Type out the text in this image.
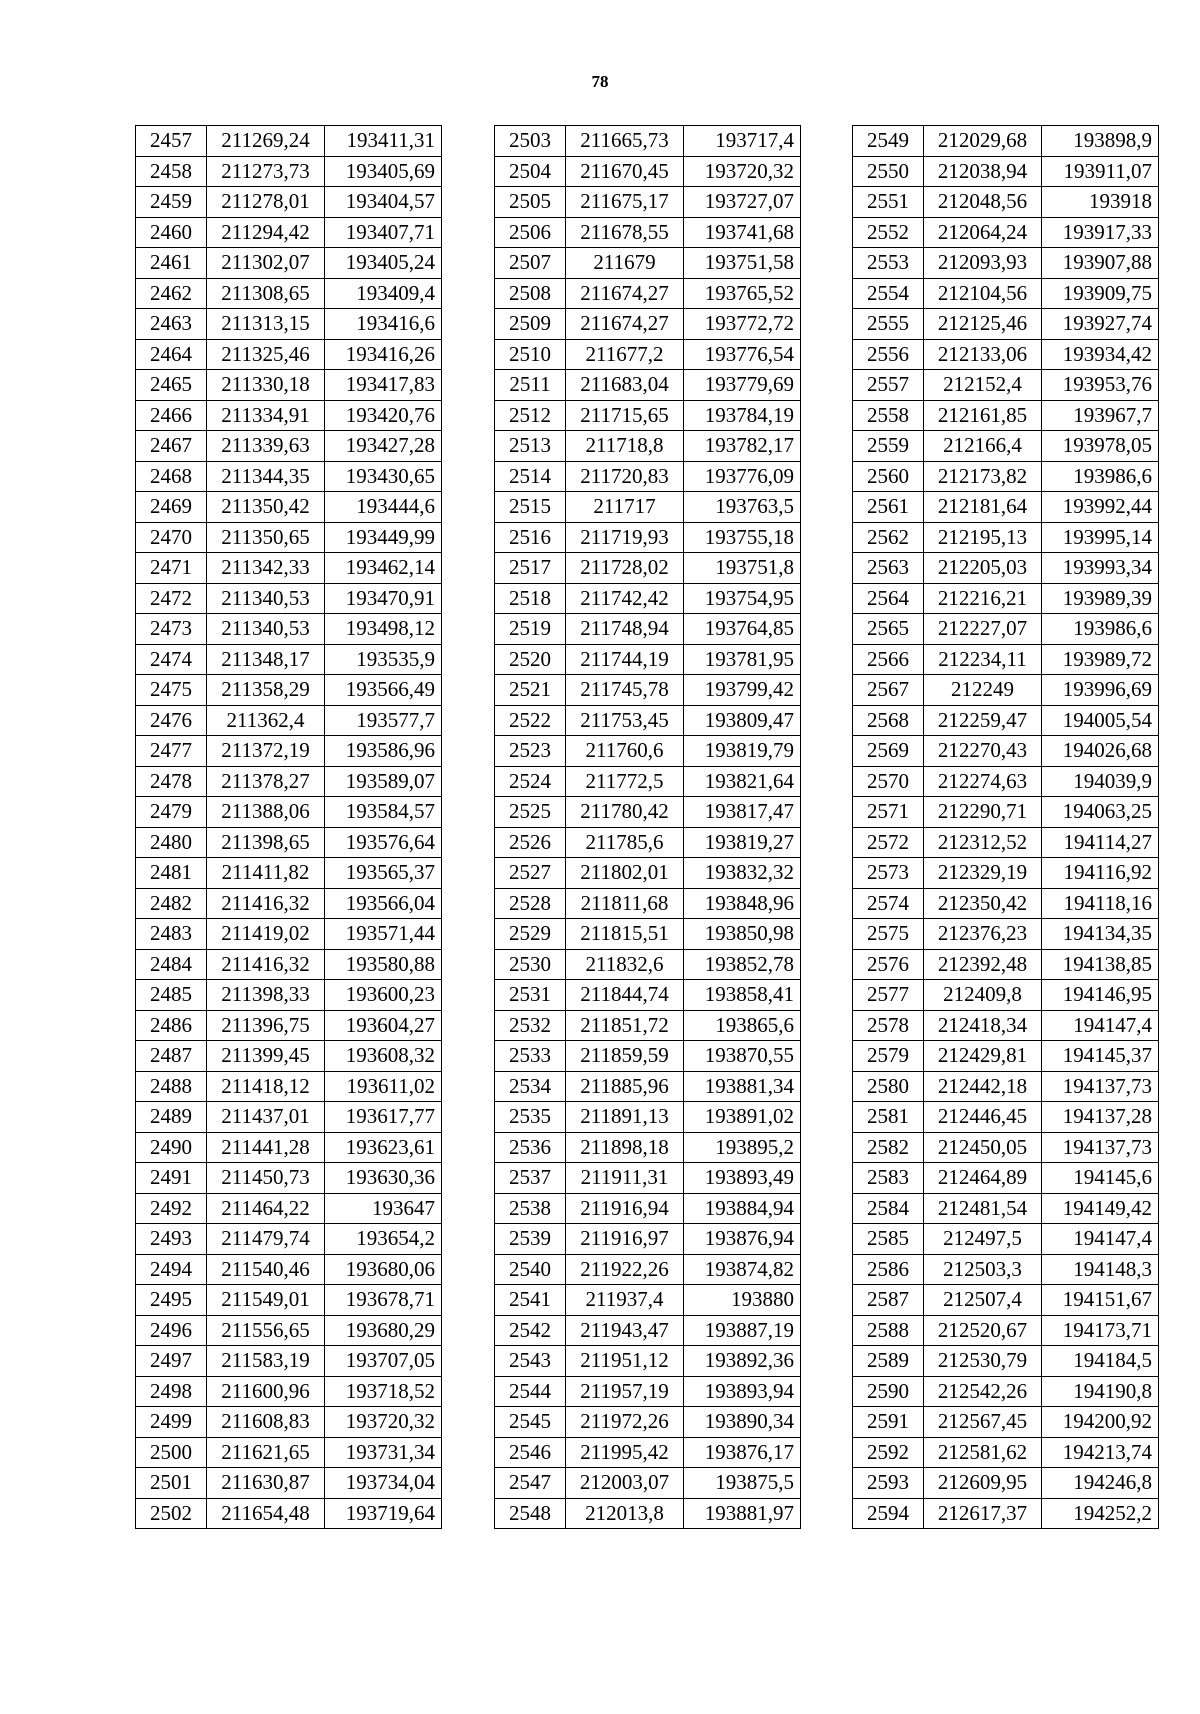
78
2457	211269,24	193411,31
2458	211273,73	193405,69
2459	211278,01	193404,57
2460	211294,42	193407,71
2461	211302,07	193405,24
2462	211308,65	193409,4
2463	211313,15	193416,6
2464	211325,46	193416,26
2465	211330,18	193417,83
2466	211334,91	193420,76
2467	211339,63	193427,28
2468	211344,35	193430,65
2469	211350,42	193444,6
2470	211350,65	193449,99
2471	211342,33	193462,14
2472	211340,53	193470,91
2473	211340,53	193498,12
2474	211348,17	193535,9
2475	211358,29	193566,49
2476	211362,4	193577,7
2477	211372,19	193586,96
2478	211378,27	193589,07
2479	211388,06	193584,57
2480	211398,65	193576,64
2481	211411,82	193565,37
2482	211416,32	193566,04
2483	211419,02	193571,44
2484	211416,32	193580,88
2485	211398,33	193600,23
2486	211396,75	193604,27
2487	211399,45	193608,32
2488	211418,12	193611,02
2489	211437,01	193617,77
2490	211441,28	193623,61
2491	211450,73	193630,36
2492	211464,22	193647
2493	211479,74	193654,2
2494	211540,46	193680,06
2495	211549,01	193678,71
2496	211556,65	193680,29
2497	211583,19	193707,05
2498	211600,96	193718,52
2499	211608,83	193720,32
2500	211621,65	193731,34
2501	211630,87	193734,04
2502	211654,48	193719,64
2503	211665,73	193717,4
2504	211670,45	193720,32
2505	211675,17	193727,07
2506	211678,55	193741,68
2507	211679	193751,58
2508	211674,27	193765,52
2509	211674,27	193772,72
2510	211677,2	193776,54
2511	211683,04	193779,69
2512	211715,65	193784,19
2513	211718,8	193782,17
2514	211720,83	193776,09
2515	211717	193763,5
2516	211719,93	193755,18
2517	211728,02	193751,8
2518	211742,42	193754,95
2519	211748,94	193764,85
2520	211744,19	193781,95
2521	211745,78	193799,42
2522	211753,45	193809,47
2523	211760,6	193819,79
2524	211772,5	193821,64
2525	211780,42	193817,47
2526	211785,6	193819,27
2527	211802,01	193832,32
2528	211811,68	193848,96
2529	211815,51	193850,98
2530	211832,6	193852,78
2531	211844,74	193858,41
2532	211851,72	193865,6
2533	211859,59	193870,55
2534	211885,96	193881,34
2535	211891,13	193891,02
2536	211898,18	193895,2
2537	211911,31	193893,49
2538	211916,94	193884,94
2539	211916,97	193876,94
2540	211922,26	193874,82
2541	211937,4	193880
2542	211943,47	193887,19
2543	211951,12	193892,36
2544	211957,19	193893,94
2545	211972,26	193890,34
2546	211995,42	193876,17
2547	212003,07	193875,5
2548	212013,8	193881,97
2549	212029,68	193898,9
2550	212038,94	193911,07
2551	212048,56	193918
2552	212064,24	193917,33
2553	212093,93	193907,88
2554	212104,56	193909,75
2555	212125,46	193927,74
2556	212133,06	193934,42
2557	212152,4	193953,76
2558	212161,85	193967,7
2559	212166,4	193978,05
2560	212173,82	193986,6
2561	212181,64	193992,44
2562	212195,13	193995,14
2563	212205,03	193993,34
2564	212216,21	193989,39
2565	212227,07	193986,6
2566	212234,11	193989,72
2567	212249	193996,69
2568	212259,47	194005,54
2569	212270,43	194026,68
2570	212274,63	194039,9
2571	212290,71	194063,25
2572	212312,52	194114,27
2573	212329,19	194116,92
2574	212350,42	194118,16
2575	212376,23	194134,35
2576	212392,48	194138,85
2577	212409,8	194146,95
2578	212418,34	194147,4
2579	212429,81	194145,37
2580	212442,18	194137,73
2581	212446,45	194137,28
2582	212450,05	194137,73
2583	212464,89	194145,6
2584	212481,54	194149,42
2585	212497,5	194147,4
2586	212503,3	194148,3
2587	212507,4	194151,67
2588	212520,67	194173,71
2589	212530,79	194184,5
2590	212542,26	194190,8
2591	212567,45	194200,92
2592	212581,62	194213,74
2593	212609,95	194246,8
2594	212617,37	194252,2
